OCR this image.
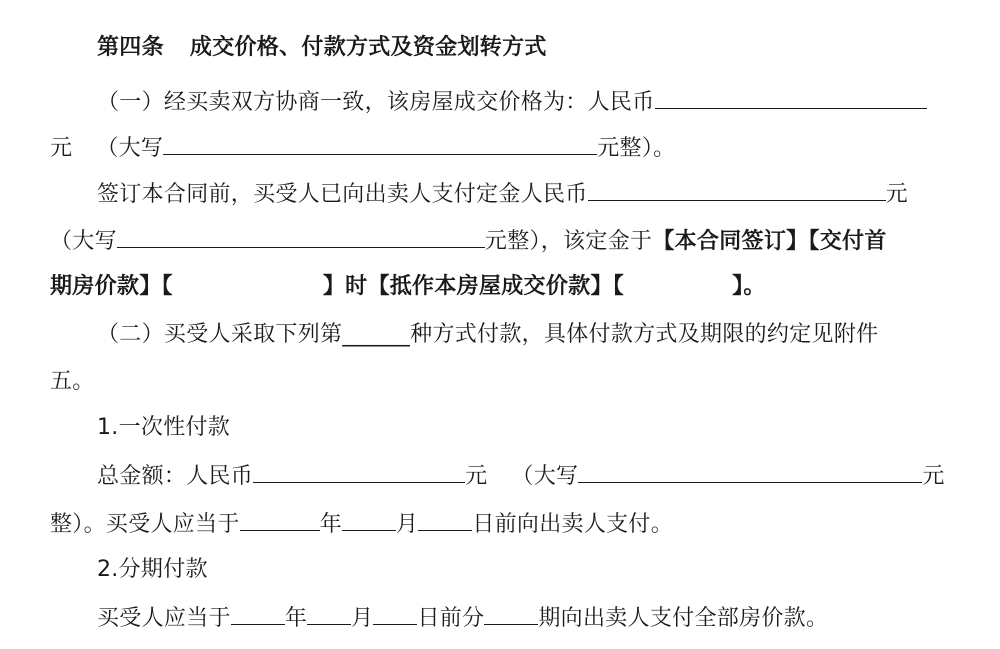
第四条 成交价格、付款方式及资金划转方式
（一）经买卖双方协商一致，该房屋成交价格为：人民币
元 （大写	元整）。
签订本合同前，买受人已向出卖人支付定金人民币	元
（大写	元整），该定金于【本合同签订】【交付首
期房价款】【	】时【抵作本房屋成交价款】【	】。
（二）买受人采取下列第______种方式付款，具体付款方式及期限的约定见附件
五。
1.一次性付款
总金额：人民币	元 （大写	元
整）。买受人应当于	年 月 日前向出卖人支付。
2.分期付款
买受人应当于 年 月 日前分 期向出卖人支付全部房价款。
